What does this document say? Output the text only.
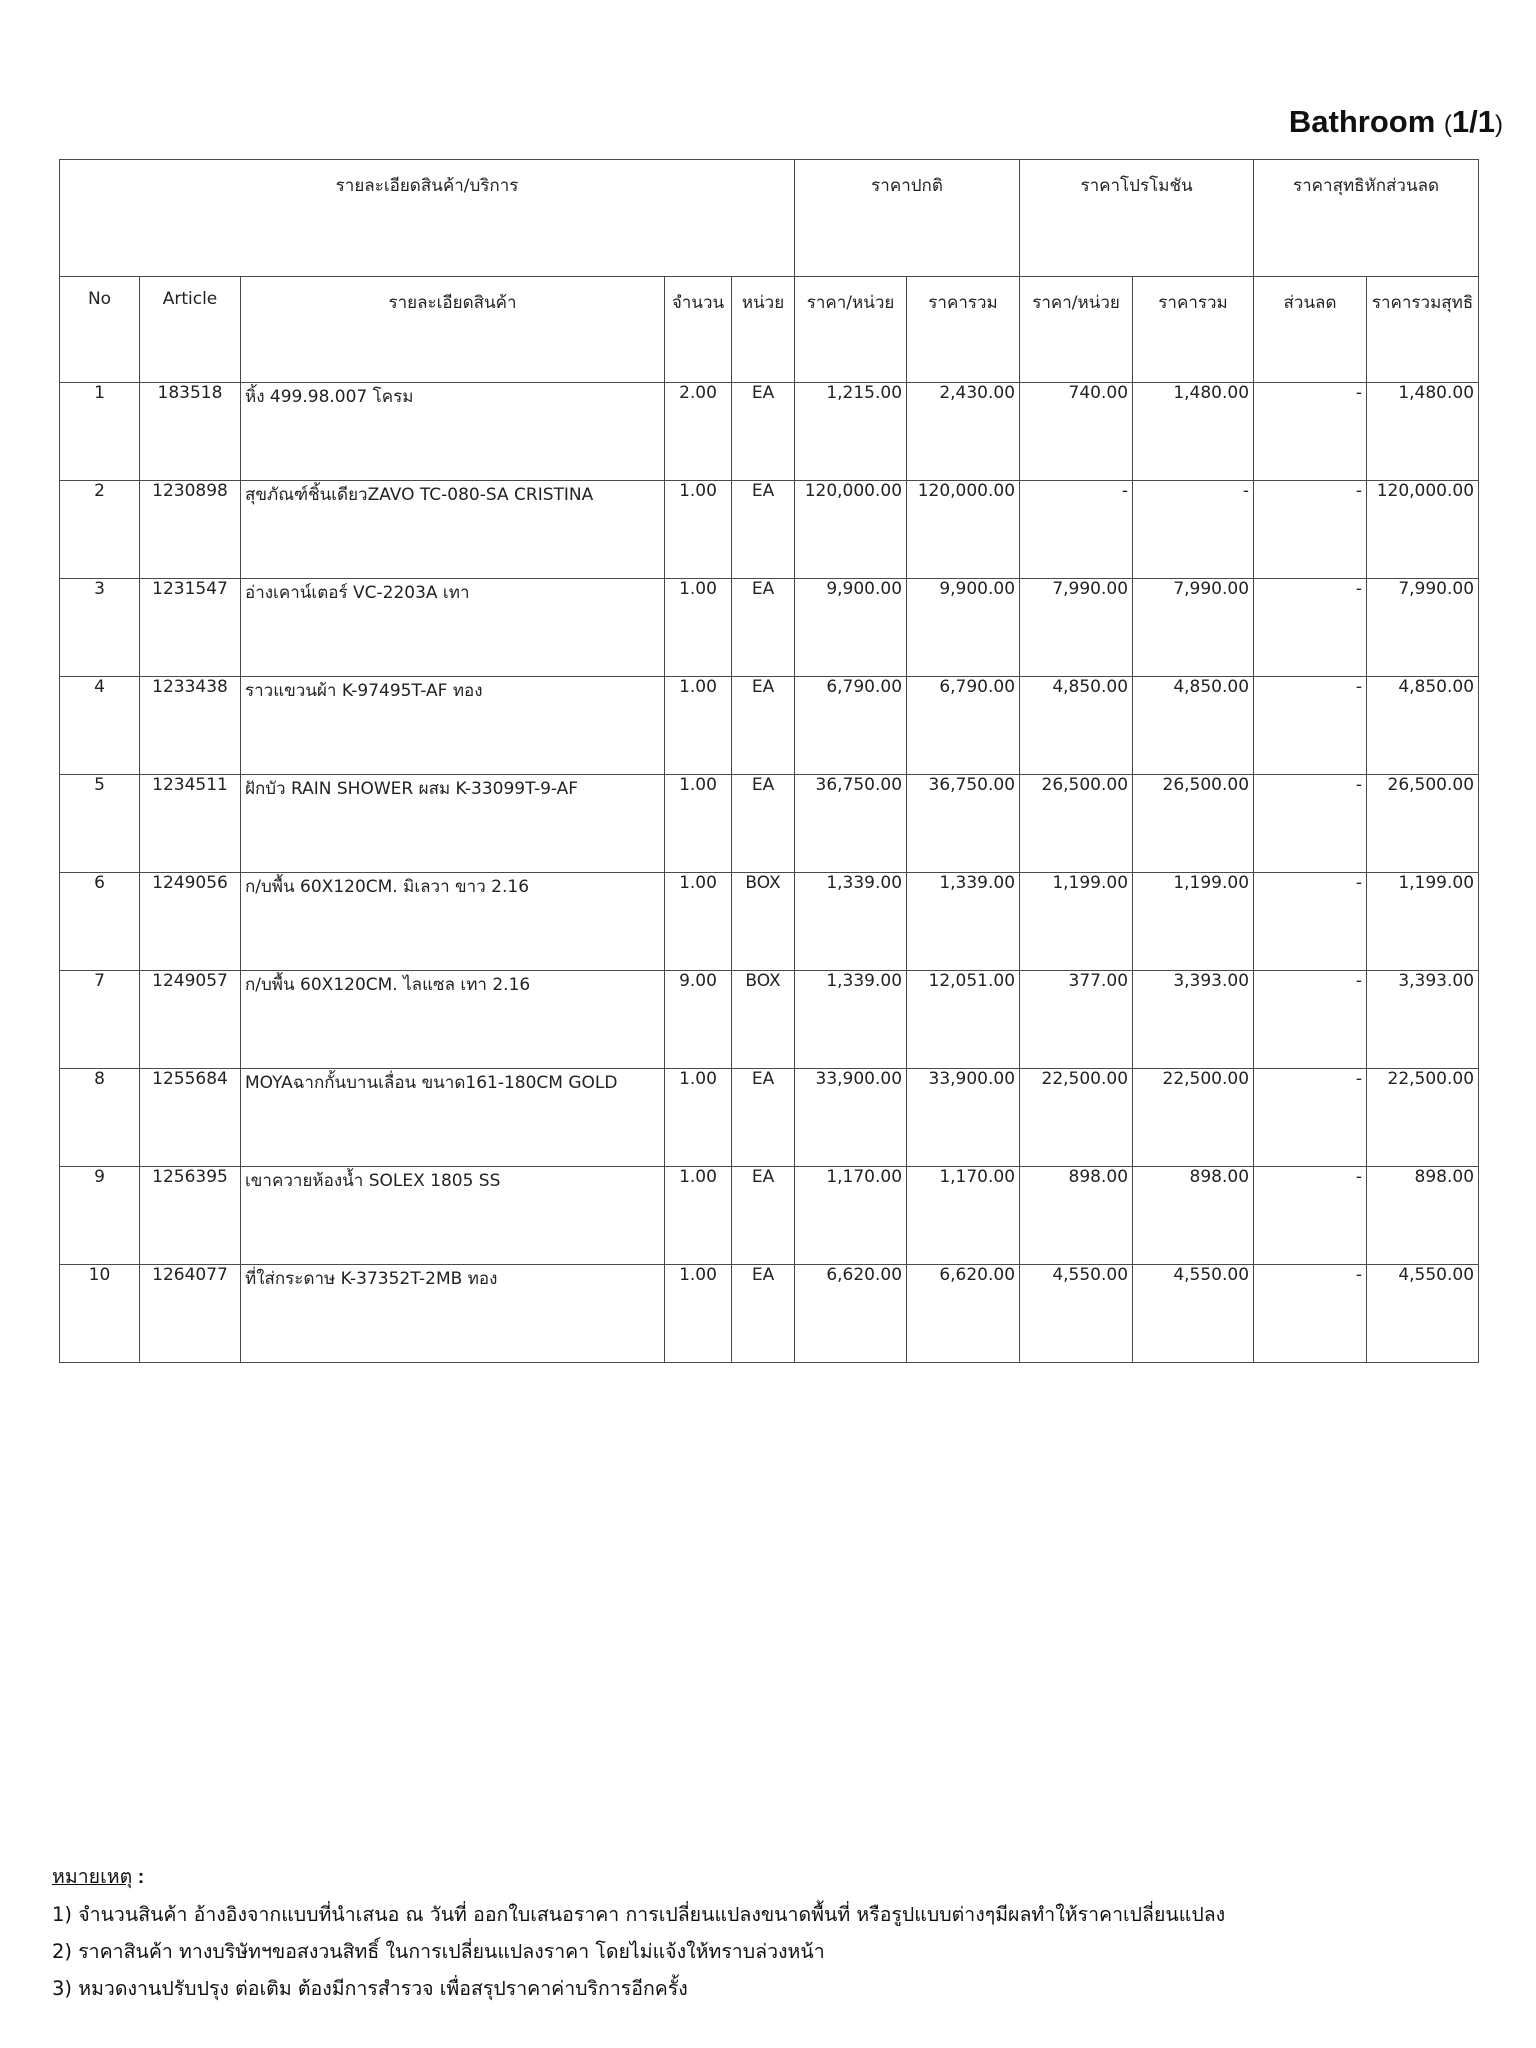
Bathroom (1/1)
รายละเอียดสินค้า/บริการ					ราคาปกติ		ราคาโปรโมชัน		ราคาสุทธิหักส่วนลด	
No	Article	รายละเอียดสินค้า	จำนวน	หน่วย	ราคา/หน่วย	ราคารวม	ราคา/หน่วย	ราคารวม	ส่วนลด	ราคารวมสุทธิ
1	183518	หิ้ง 499.98.007 โครม	2.00	EA	1,215.00	2,430.00	740.00	1,480.00	-	1,480.00
2	1230898	สุขภัณฑ์ชิ้นเดียวZAVO TC-080-SA CRISTINA	1.00	EA	120,000.00	120,000.00	-	-	-	120,000.00
3	1231547	อ่างเคาน์เตอร์ VC-2203A เทา	1.00	EA	9,900.00	9,900.00	7,990.00	7,990.00	-	7,990.00
4	1233438	ราวแขวนผ้า K-97495T-AF ทอง	1.00	EA	6,790.00	6,790.00	4,850.00	4,850.00	-	4,850.00
5	1234511	ฝักบัว RAIN SHOWER ผสม K-33099T-9-AF	1.00	EA	36,750.00	36,750.00	26,500.00	26,500.00	-	26,500.00
6	1249056	ก/บพื้น 60X120CM. มิเลวา ขาว 2.16	1.00	BOX	1,339.00	1,339.00	1,199.00	1,199.00	-	1,199.00
7	1249057	ก/บพื้น 60X120CM. ไลแซล เทา 2.16	9.00	BOX	1,339.00	12,051.00	377.00	3,393.00	-	3,393.00
8	1255684	MOYAฉากกั้นบานเลื่อน ขนาด161-180CM GOLD	1.00	EA	33,900.00	33,900.00	22,500.00	22,500.00	-	22,500.00
9	1256395	เขาควายห้องน้ำ SOLEX 1805 SS	1.00	EA	1,170.00	1,170.00	898.00	898.00	-	898.00
10	1264077	ที่ใส่กระดาษ K-37352T-2MB ทอง	1.00	EA	6,620.00	6,620.00	4,550.00	4,550.00	-	4,550.00
หมายเหตุ :
1) จำนวนสินค้า อ้างอิงจากแบบที่นำเสนอ ณ วันที่ ออกใบเสนอราคา การเปลี่ยนแปลงขนาดพื้นที่ หรือรูปแบบต่างๆมีผลทำให้ราคาเปลี่ยนแปลง
2) ราคาสินค้า ทางบริษัทฯขอสงวนสิทธิ์ ในการเปลี่ยนแปลงราคา โดยไม่แจ้งให้ทราบล่วงหน้า
3) หมวดงานปรับปรุง ต่อเติม ต้องมีการสำรวจ เพื่อสรุปราคาค่าบริการอีกครั้ง
